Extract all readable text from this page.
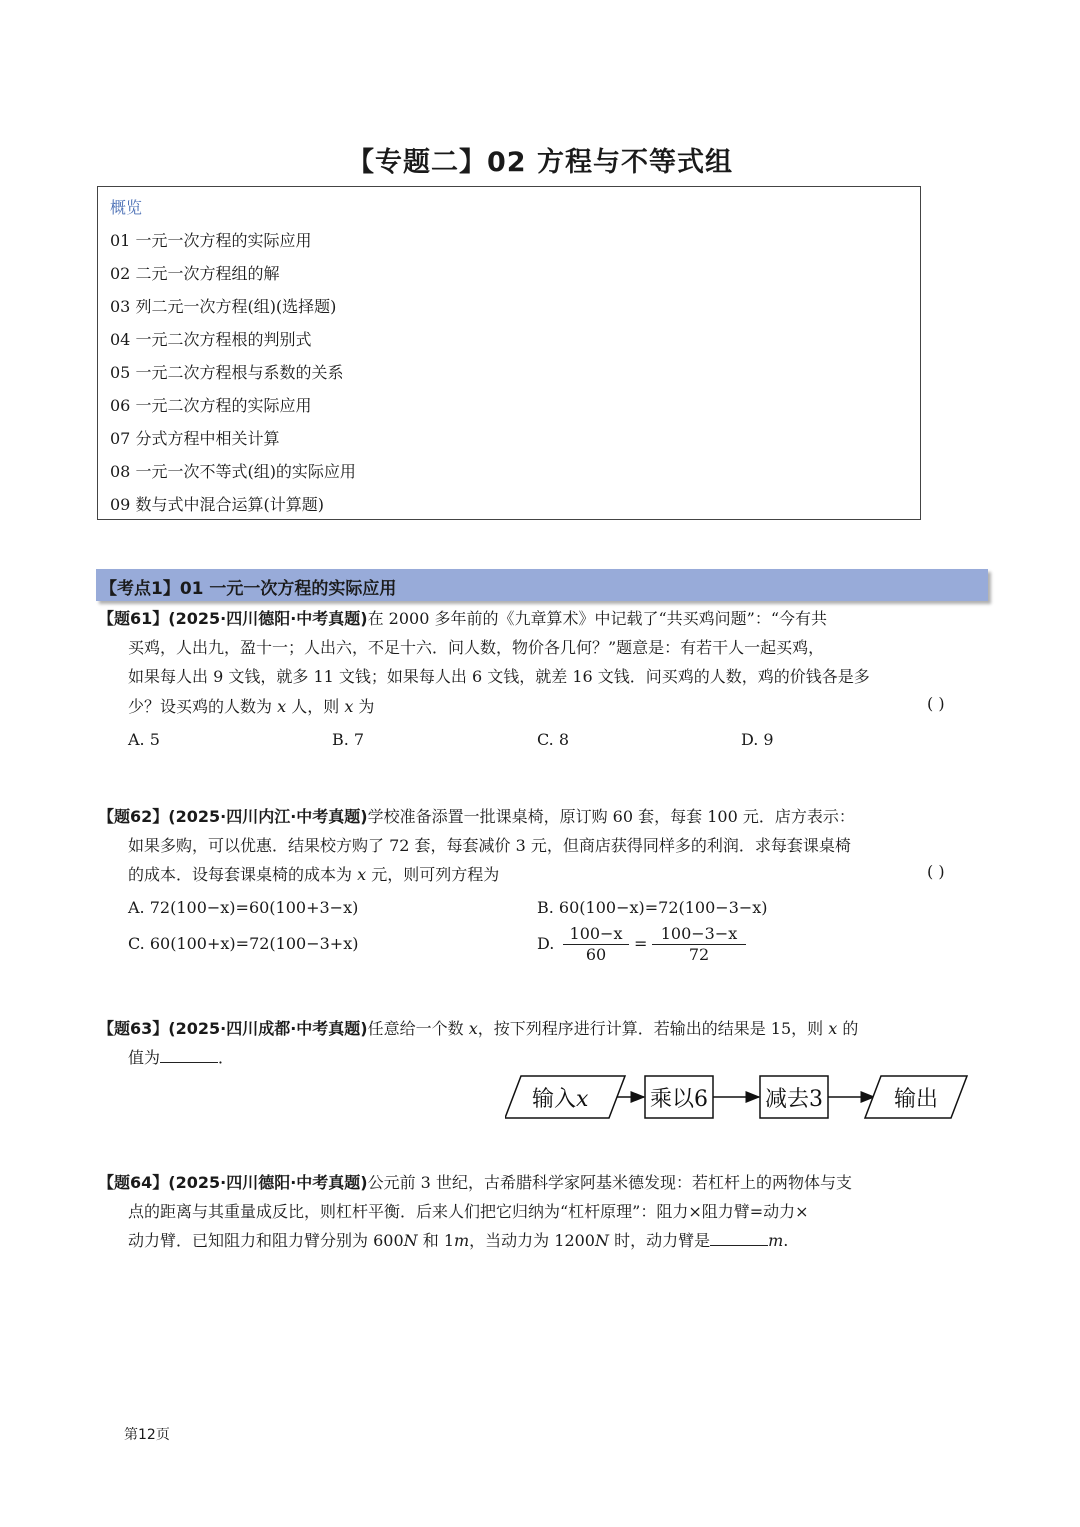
【专题二】02 方程与不等式组
概览
01 一元一次方程的实际应用
02 二元一次方程组的解
03 列二元一次方程(组)(选择题)
04 一元二次方程根的判别式
05 一元二次方程根与系数的关系
06 一元二次方程的实际应用
07 分式方程中相关计算
08 一元一次不等式(组)的实际应用
09 数与式中混合运算(计算题)
【考点1】01 一元一次方程的实际应用
【题61】(2025·四川德阳·中考真题)在 2000 多年前的《九章算术》中记载了“共买鸡问题”：“今有共
买鸡，人出九，盈十一；人出六，不足十六．问人数，物价各几何？”题意是：有若干人一起买鸡，
如果每人出 9 文钱，就多 11 文钱；如果每人出 6 文钱，就差 16 文钱．问买鸡的人数，鸡的价钱各是多
少？设买鸡的人数为 x 人，则 x 为	( )
A. 5	B. 7	C. 8	D. 9
【题62】(2025·四川内江·中考真题)学校准备添置一批课桌椅，原订购 60 套，每套 100 元．店方表示：
如果多购，可以优惠．结果校方购了 72 套，每套减价 3 元，但商店获得同样多的利润．求每套课桌椅
的成本．设每套课桌椅的成本为 x 元，则可列方程为	( )
A. 72(100−x)=60(100+3−x)	B. 60(100−x)=72(100−3−x)
C. 60(100+x)=72(100−3+x)	D. $\frac{100-x}{60} = \frac{100-3-x}{72}$
【题63】(2025·四川成都·中考真题)任意给一个数 x，按下列程序进行计算．若输出的结果是 15，则 x 的
值为	．
输入x	乘以6	减去3	输出
【题64】(2025·四川德阳·中考真题)公元前 3 世纪，古希腊科学家阿基米德发现：若杠杆上的两物体与支
点的距离与其重量成反比，则杠杆平衡．后来人们把它归纳为“杠杆原理”：阻力×阻力臂=动力×
动力臂．已知阻力和阻力臂分别为 600N 和 1m，当动力为 1200N 时，动力臂是	m.
第12页
